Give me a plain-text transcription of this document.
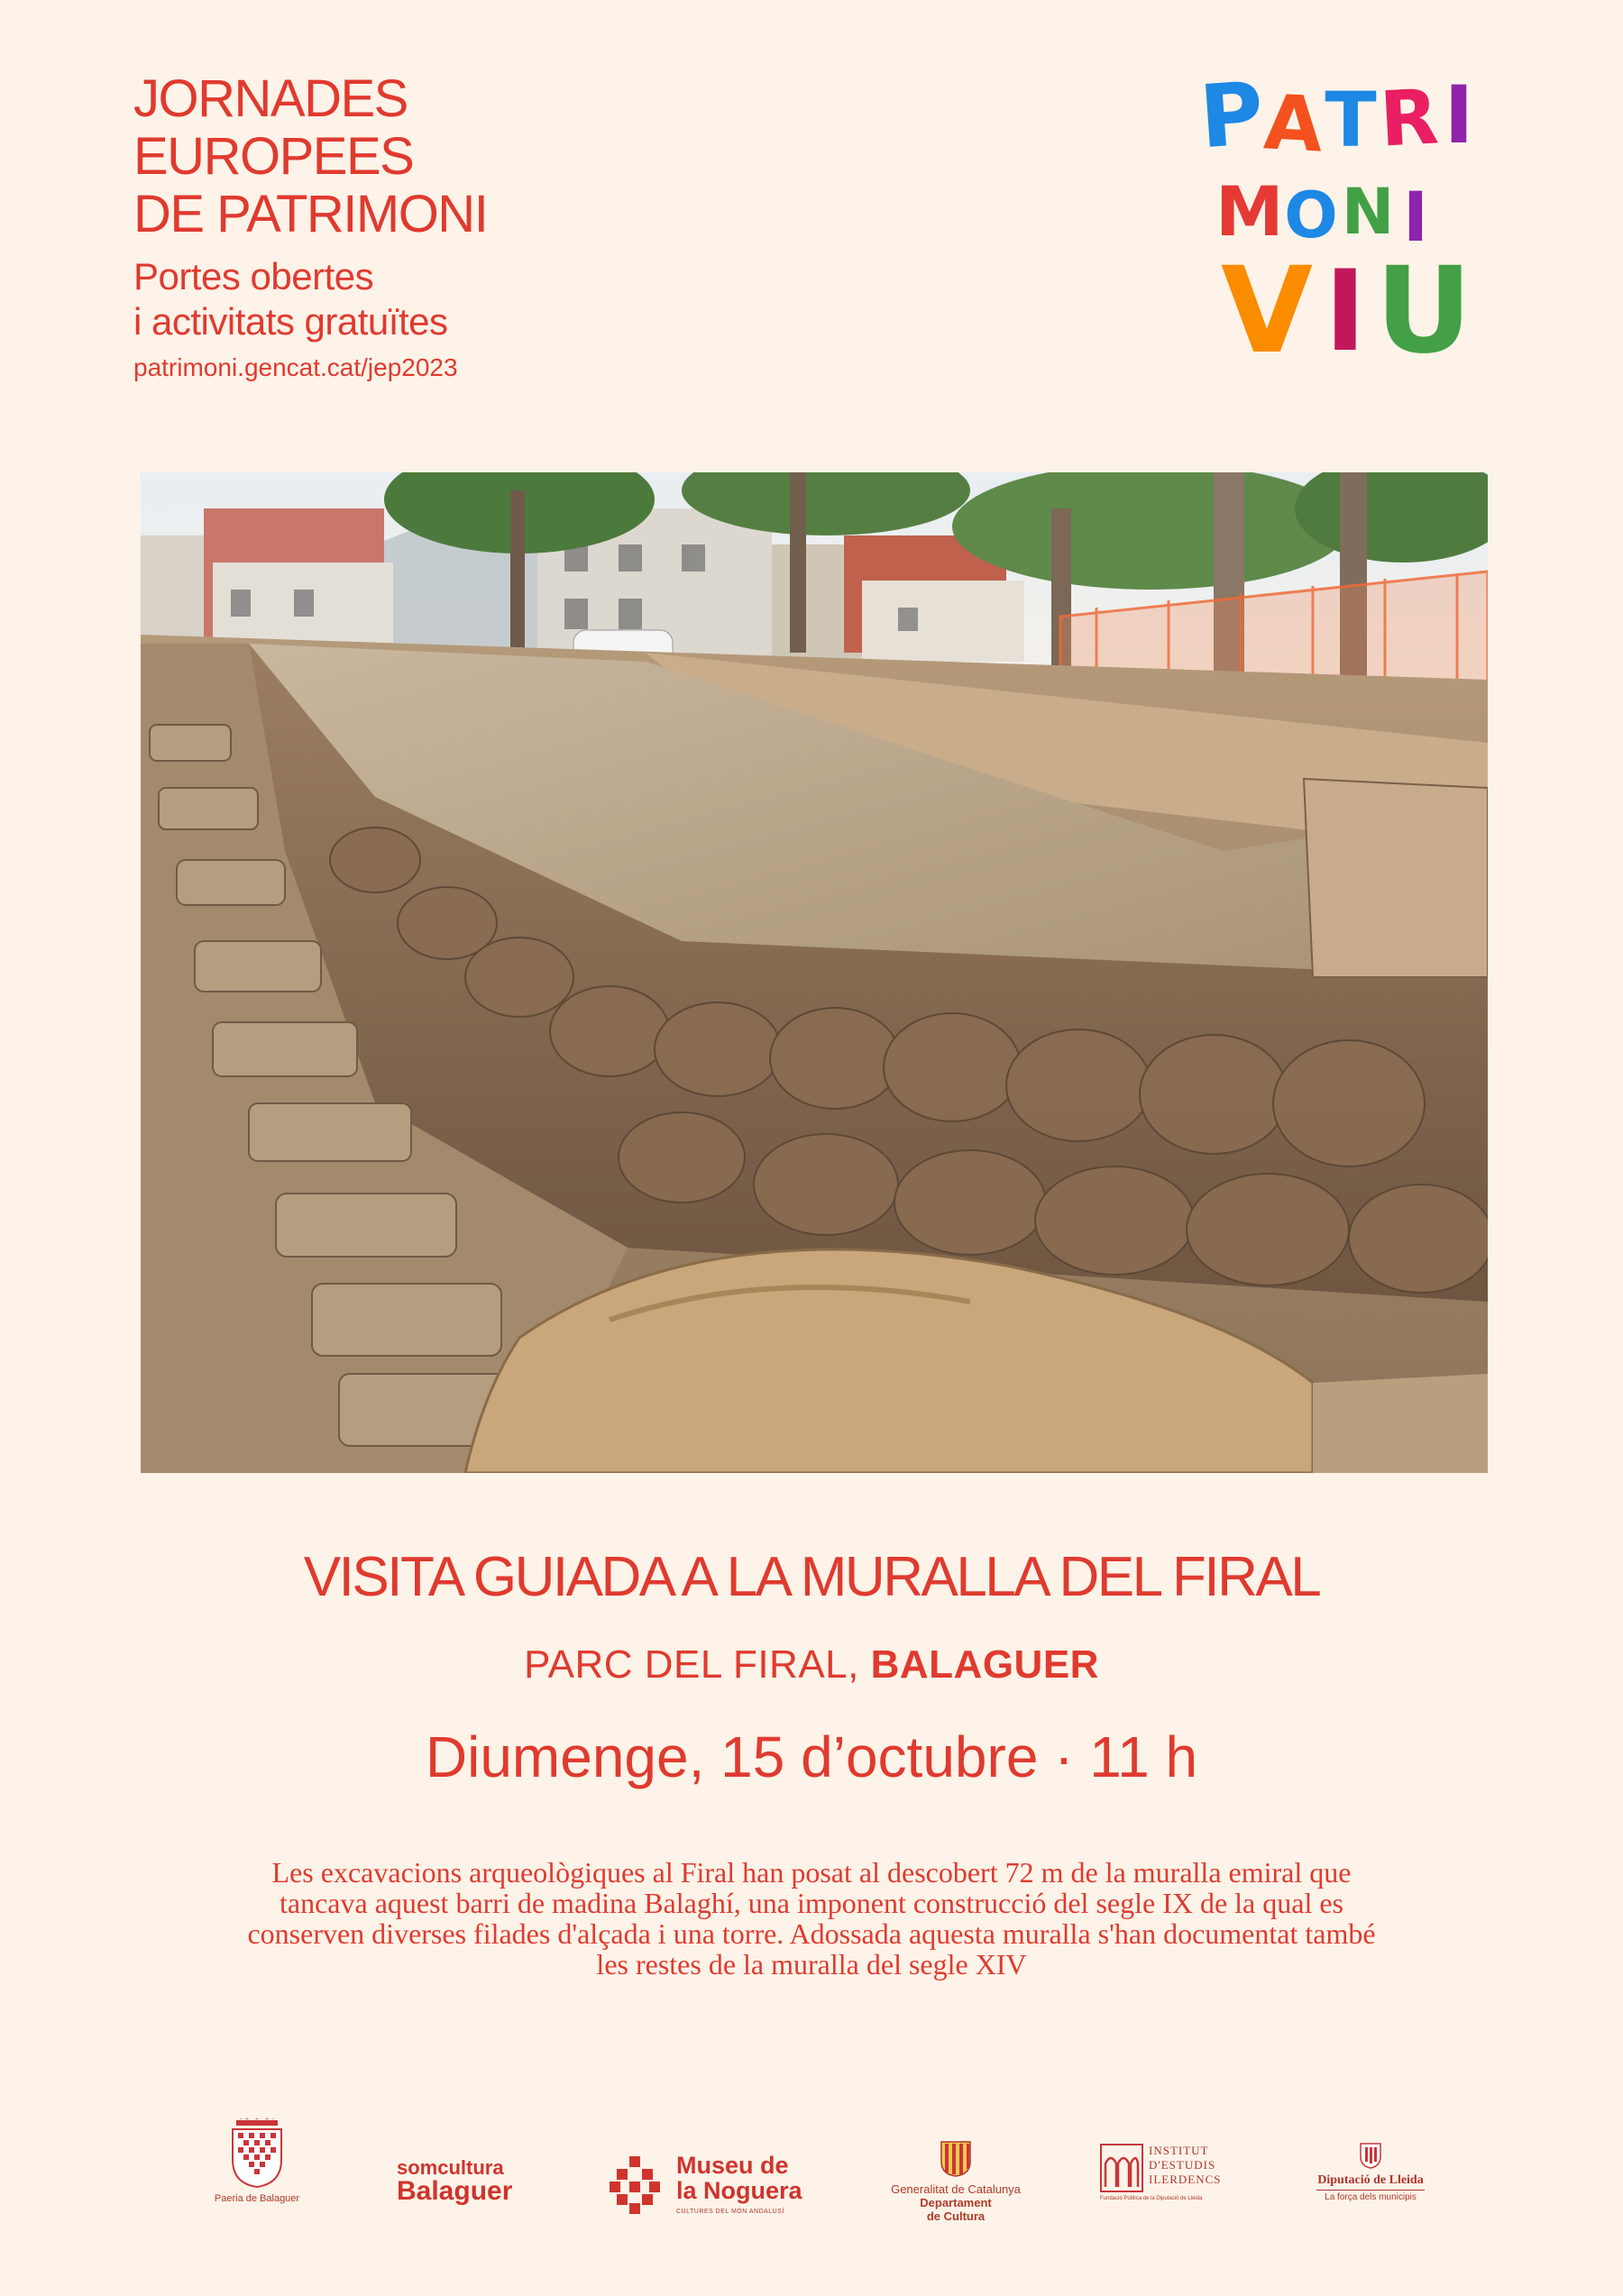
JORNADES
EUROPEES
DE PATRIMONI
Portes obertes
i activitats gratuïtes
patrimoni.gencat.cat/jep2023
P
A T R I
M O N I
V I U
VISITA GUIADA A LA MURALLA DEL FIRAL
PARC DEL FIRAL, BALAGUER
Diumenge, 15 d’octubre · 11 h
Les excavacions arqueològiques al Firal han posat al descobert 72 m de la muralla emiral que
tancava aquest barri de madina Balaghí, una imponent construcció del segle IX de la qual es
conserven diverses filades d'alçada i una torre. Adossada aquesta muralla s'han documentat també
les restes de la muralla del segle XIV
Paeria de Balaguer
somcultura
Balaguer
Museu de
la Noguera
CULTURES DEL MÓN ANDALUSÍ
Generalitat de Catalunya
Departament
de Cultura
INSTITUT
D'ESTUDIS
ILERDENCS
Fundació Pública de la Diputació de Lleida
Diputació de Lleida
La força dels municipis
